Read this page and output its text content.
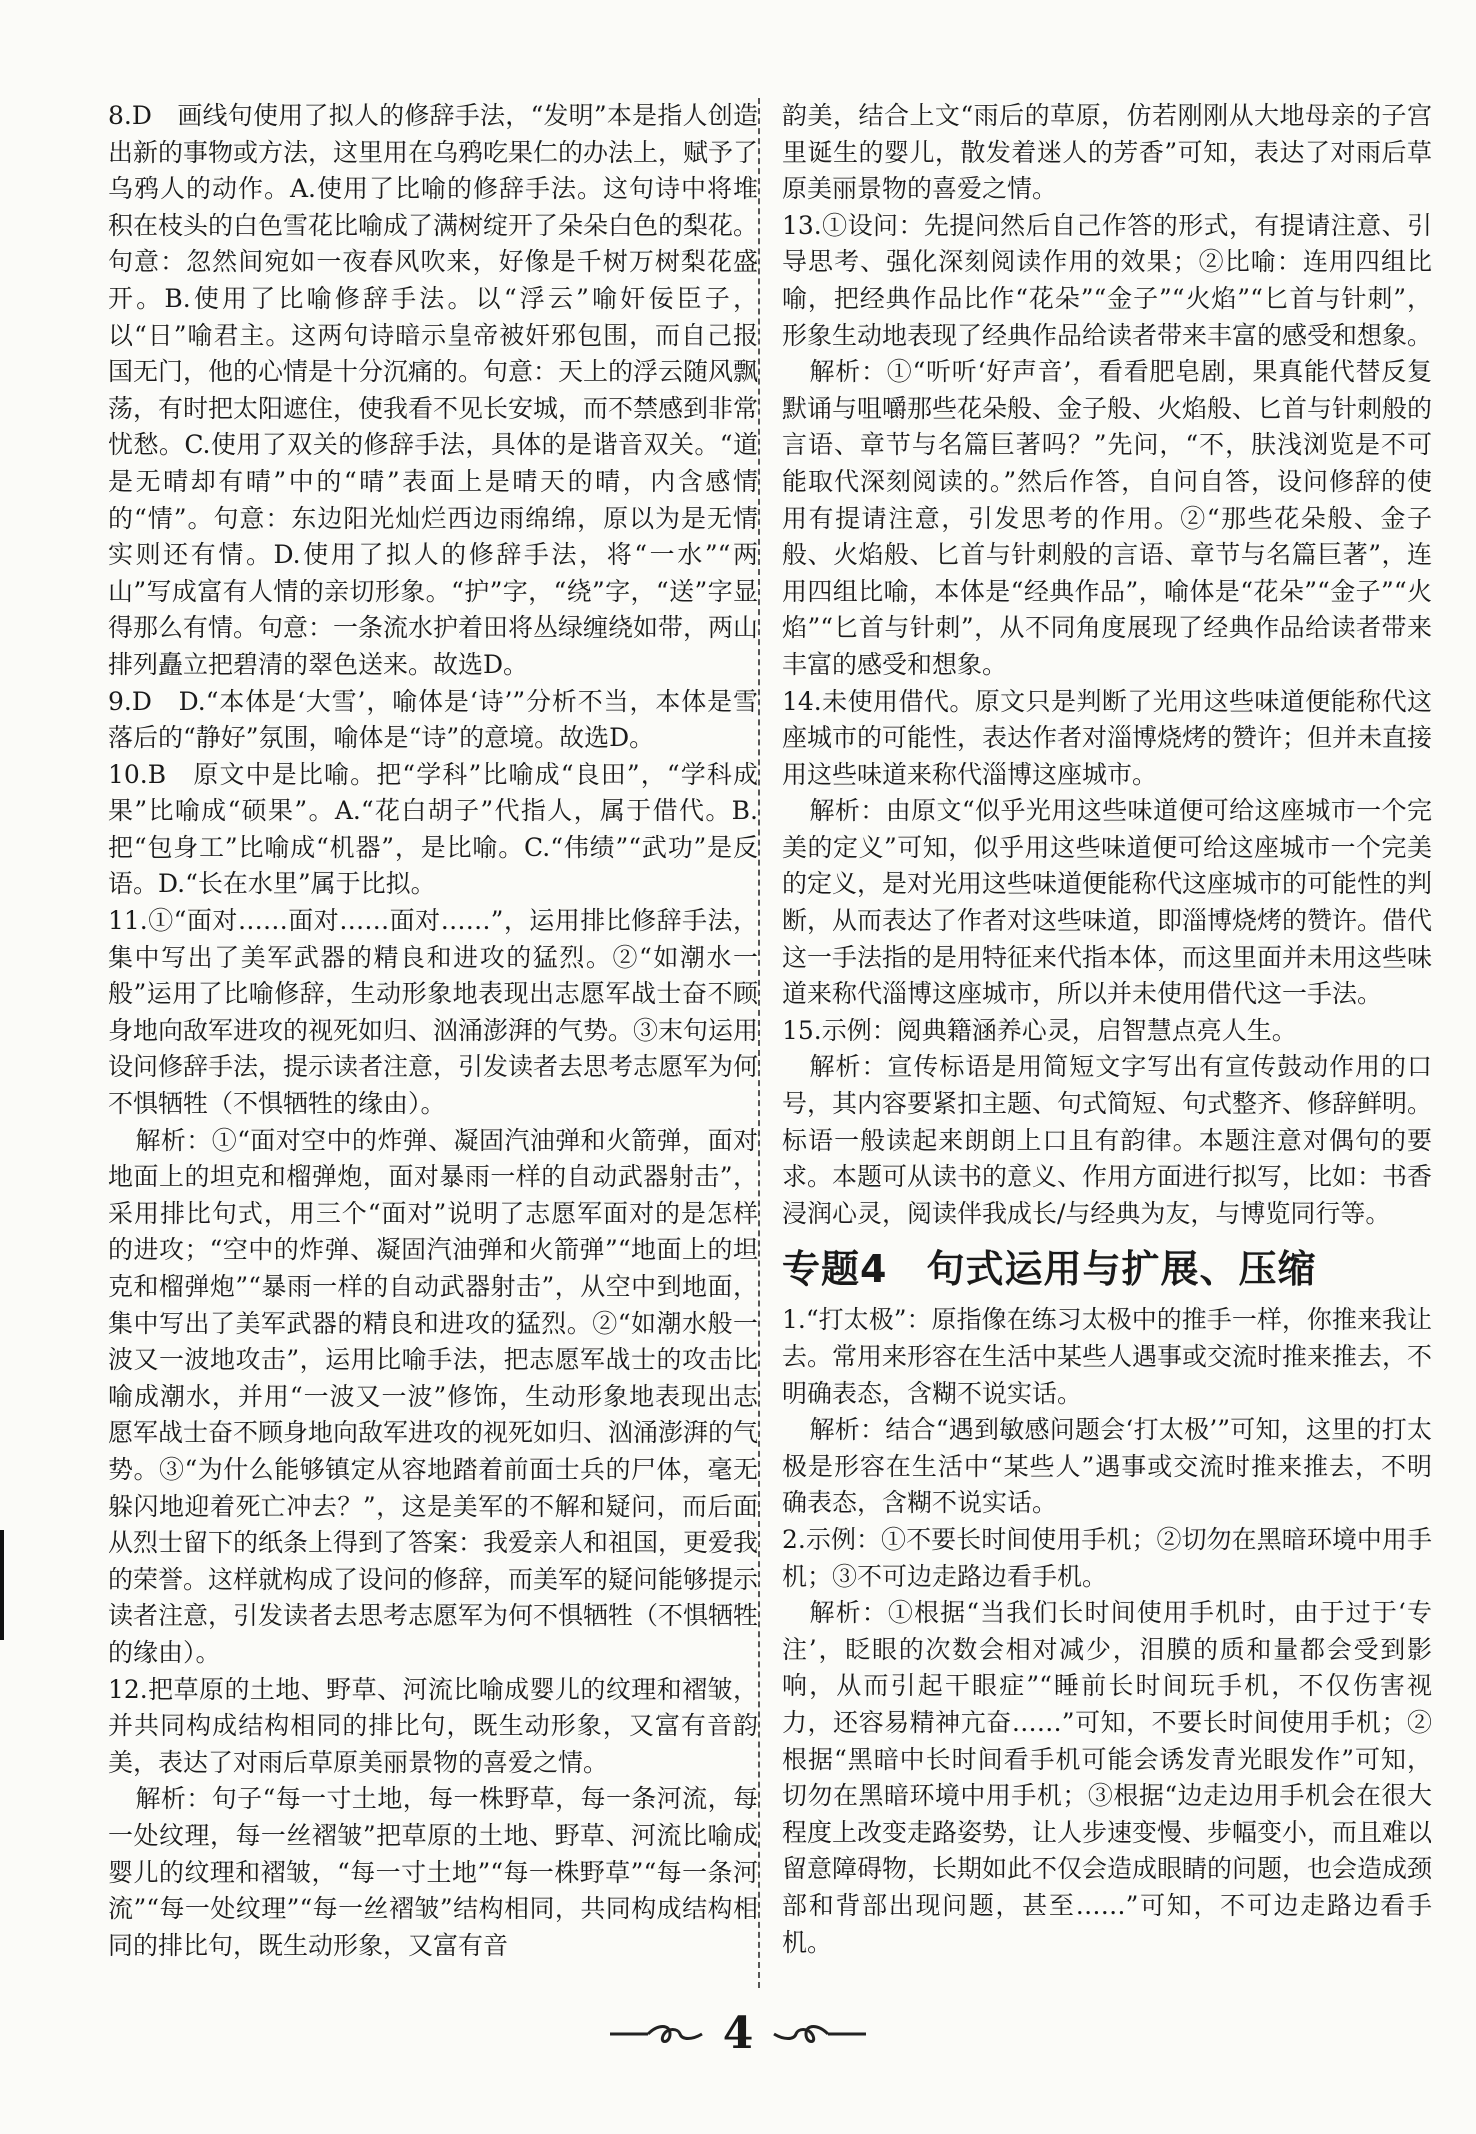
8.D　画线句使用了拟人的修辞手法，“发明”本是指人创造出新的事物或方法，这里用在乌鸦吃果仁的办法上，赋予了乌鸦人的动作。A.使用了比喻的修辞手法。这句诗中将堆积在枝头的白色雪花比喻成了满树绽开了朵朵白色的梨花。句意：忽然间宛如一夜春风吹来，好像是千树万树梨花盛开。B.使用了比喻修辞手法。以“浮云”喻奸佞臣子，以“日”喻君主。这两句诗暗示皇帝被奸邪包围，而自己报国无门，他的心情是十分沉痛的。句意：天上的浮云随风飘荡，有时把太阳遮住，使我看不见长安城，而不禁感到非常忧愁。C.使用了双关的修辞手法，具体的是谐音双关。“道是无晴却有晴”中的“晴”表面上是晴天的晴，内含感情的“情”。句意：东边阳光灿烂西边雨绵绵，原以为是无情实则还有情。D.使用了拟人的修辞手法，将“一水”“两山”写成富有人情的亲切形象。“护”字，“绕”字，“送”字显得那么有情。句意：一条流水护着田将丛绿缠绕如带，两山排列矗立把碧清的翠色送来。故选D。

9.D　D.“本体是‘大雪’，喻体是‘诗’”分析不当，本体是雪落后的“静好”氛围，喻体是“诗”的意境。故选D。

10.B　原文中是比喻。把“学科”比喻成“良田”，“学科成果”比喻成“硕果”。A.“花白胡子”代指人，属于借代。B.把“包身工”比喻成“机器”，是比喻。C.“伟绩”“武功”是反语。D.“长在水里”属于比拟。

11.①“面对……面对……面对……”，运用排比修辞手法，集中写出了美军武器的精良和进攻的猛烈。②“如潮水一般”运用了比喻修辞，生动形象地表现出志愿军战士奋不顾身地向敌军进攻的视死如归、汹涌澎湃的气势。③末句运用设问修辞手法，提示读者注意，引发读者去思考志愿军为何不惧牺牲（不惧牺牲的缘由）。

解析：①“面对空中的炸弹、凝固汽油弹和火箭弹，面对地面上的坦克和榴弹炮，面对暴雨一样的自动武器射击”，采用排比句式，用三个“面对”说明了志愿军面对的是怎样的进攻；“空中的炸弹、凝固汽油弹和火箭弹”“地面上的坦克和榴弹炮”“暴雨一样的自动武器射击”，从空中到地面，集中写出了美军武器的精良和进攻的猛烈。②“如潮水般一波又一波地攻击”，运用比喻手法，把志愿军战士的攻击比喻成潮水，并用“一波又一波”修饰，生动形象地表现出志愿军战士奋不顾身地向敌军进攻的视死如归、汹涌澎湃的气势。③“为什么能够镇定从容地踏着前面士兵的尸体，毫无躲闪地迎着死亡冲去？”，这是美军的不解和疑问，而后面从烈士留下的纸条上得到了答案：我爱亲人和祖国，更爱我的荣誉。这样就构成了设问的修辞，而美军的疑问能够提示读者注意，引发读者去思考志愿军为何不惧牺牲（不惧牺牲的缘由）。

12.把草原的土地、野草、河流比喻成婴儿的纹理和褶皱，并共同构成结构相同的排比句，既生动形象，又富有音韵美，表达了对雨后草原美丽景物的喜爱之情。

解析：句子“每一寸土地，每一株野草，每一条河流，每一处纹理，每一丝褶皱”把草原的土地、野草、河流比喻成婴儿的纹理和褶皱，“每一寸土地”“每一株野草”“每一条河流”“每一处纹理”“每一丝褶皱”结构相同，共同构成结构相同的排比句，既生动形象，又富有音

韵美，结合上文“雨后的草原，仿若刚刚从大地母亲的子宫里诞生的婴儿，散发着迷人的芳香”可知，表达了对雨后草原美丽景物的喜爱之情。

13.①设问：先提问然后自己作答的形式，有提请注意、引导思考、强化深刻阅读作用的效果；②比喻：连用四组比喻，把经典作品比作“花朵”“金子”“火焰”“匕首与针刺”，形象生动地表现了经典作品给读者带来丰富的感受和想象。

解析：①“听听‘好声音’，看看肥皂剧，果真能代替反复默诵与咀嚼那些花朵般、金子般、火焰般、匕首与针刺般的言语、章节与名篇巨著吗？”先问，“不，肤浅浏览是不可能取代深刻阅读的。”然后作答，自问自答，设问修辞的使用有提请注意，引发思考的作用。②“那些花朵般、金子般、火焰般、匕首与针刺般的言语、章节与名篇巨著”，连用四组比喻，本体是“经典作品”，喻体是“花朵”“金子”“火焰”“匕首与针刺”，从不同角度展现了经典作品给读者带来丰富的感受和想象。

14.未使用借代。原文只是判断了光用这些味道便能称代这座城市的可能性，表达作者对淄博烧烤的赞许；但并未直接用这些味道来称代淄博这座城市。

解析：由原文“似乎光用这些味道便可给这座城市一个完美的定义”可知，似乎用这些味道便可给这座城市一个完美的定义，是对光用这些味道便能称代这座城市的可能性的判断，从而表达了作者对这些味道，即淄博烧烤的赞许。借代这一手法指的是用特征来代指本体，而这里面并未用这些味道来称代淄博这座城市，所以并未使用借代这一手法。

15.示例：阅典籍涵养心灵，启智慧点亮人生。

解析：宣传标语是用简短文字写出有宣传鼓动作用的口号，其内容要紧扣主题、句式简短、句式整齐、修辞鲜明。标语一般读起来朗朗上口且有韵律。本题注意对偶句的要求。本题可从读书的意义、作用方面进行拟写，比如：书香浸润心灵，阅读伴我成长/与经典为友，与博览同行等。

专题4　句式运用与扩展、压缩

1.“打太极”：原指像在练习太极中的推手一样，你推来我让去。常用来形容在生活中某些人遇事或交流时推来推去，不明确表态，含糊不说实话。

解析：结合“遇到敏感问题会‘打太极’”可知，这里的打太极是形容在生活中“某些人”遇事或交流时推来推去，不明确表态，含糊不说实话。

2.示例：①不要长时间使用手机；②切勿在黑暗环境中用手机；③不可边走路边看手机。

解析：①根据“当我们长时间使用手机时，由于过于‘专注’，眨眼的次数会相对减少，泪膜的质和量都会受到影响，从而引起干眼症”“睡前长时间玩手机，不仅伤害视力，还容易精神亢奋……”可知，不要长时间使用手机；②根据“黑暗中长时间看手机可能会诱发青光眼发作”可知，切勿在黑暗环境中用手机；③根据“边走边用手机会在很大程度上改变走路姿势，让人步速变慢、步幅变小，而且难以留意障碍物，长期如此不仅会造成眼睛的问题，也会造成颈部和背部出现问题，甚至……”可知，不可边走路边看手机。

4
